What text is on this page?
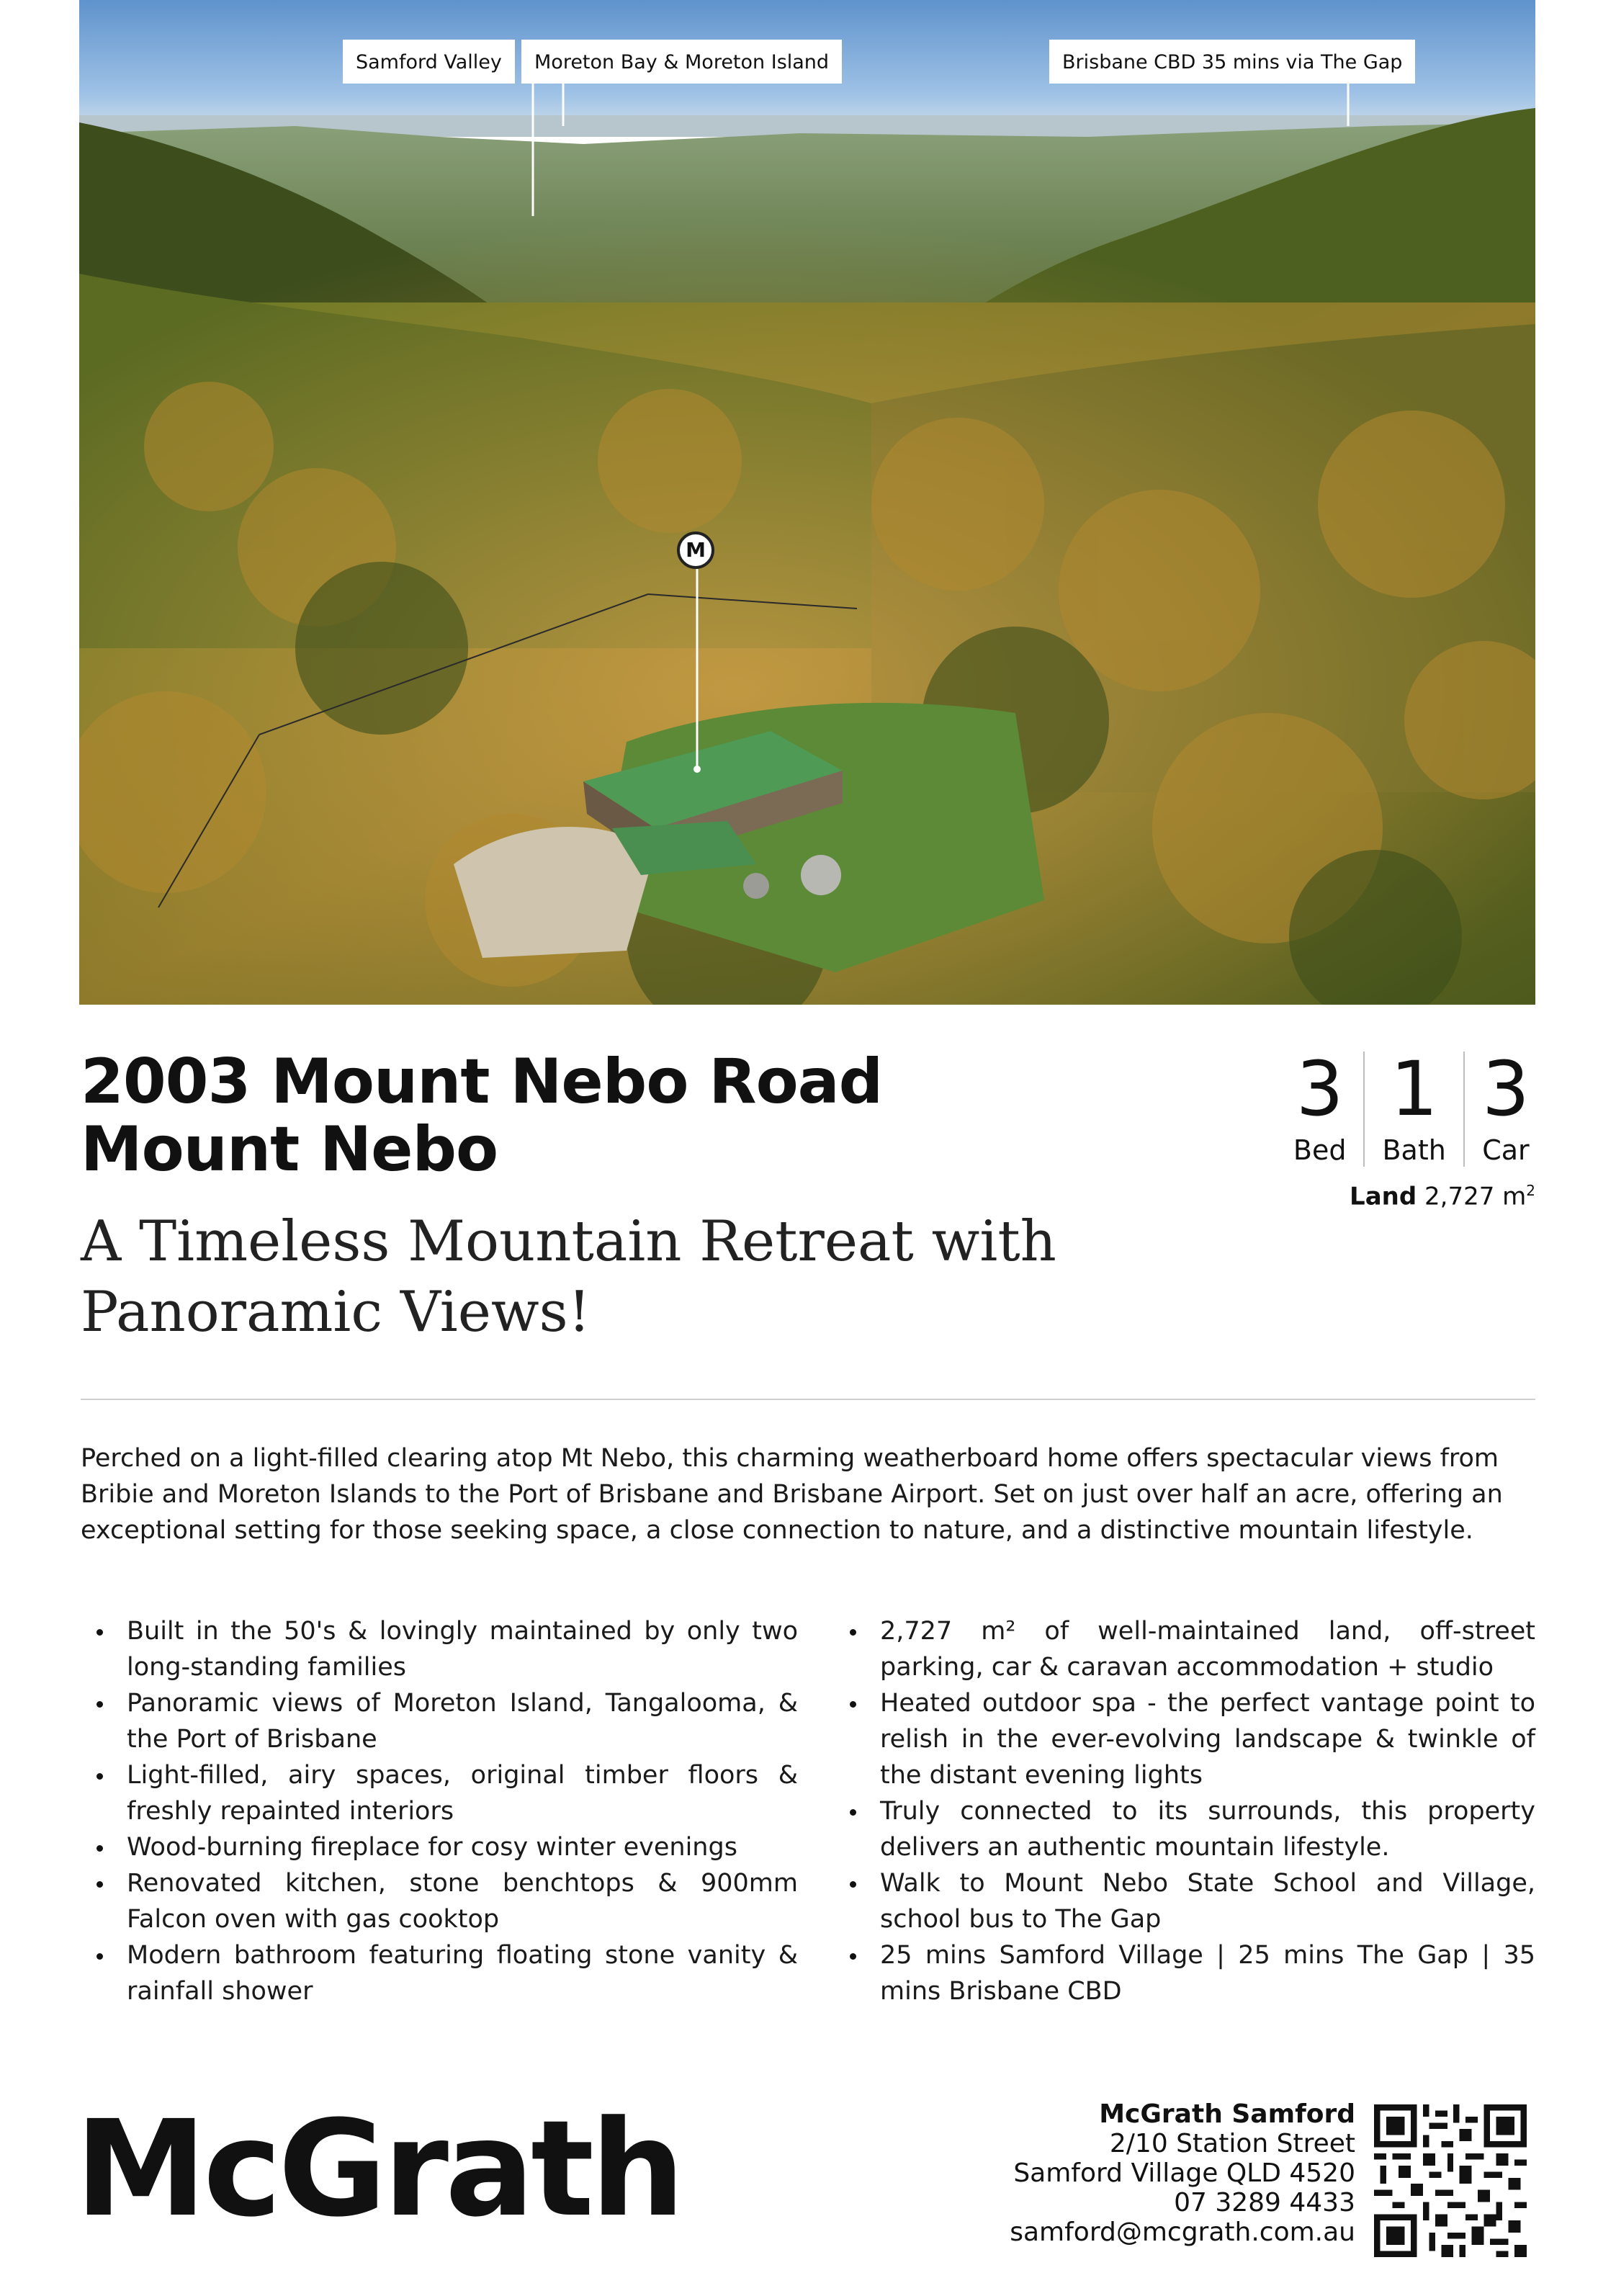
Samford Valley	Moreton Bay & Moreton Island	Brisbane CBD 35 mins via The Gap
M
2003 Mount Nebo Road
Mount Nebo
A Timeless Mountain Retreat with
Panoramic Views!
3
Bed
1
Bath
3
Car
Land 2,727 $m^2$
Perched on a light-filled clearing atop Mt Nebo, this charming weatherboard home offers spectacular views from Bribie and Moreton Islands to the Port of Brisbane and Brisbane Airport. Set on just over half an acre, offering an exceptional setting for those seeking space, a close connection to nature, and a distinctive mountain lifestyle.
Built in the 50's & lovingly maintained by only two long-standing families
Panoramic views of Moreton Island, Tangalooma, & the Port of Brisbane
Light-filled, airy spaces, original timber floors & freshly repainted interiors
Wood-burning fireplace for cosy winter evenings
Renovated kitchen, stone benchtops & 900mm Falcon oven with gas cooktop
Modern bathroom featuring floating stone vanity & rainfall shower
2,727 m² of well-maintained land, off-street parking, car & caravan accommodation + studio
Heated outdoor spa - the perfect vantage point to relish in the ever-evolving landscape & twinkle of the distant evening lights
Truly connected to its surrounds, this property delivers an authentic mountain lifestyle.
Walk to Mount Nebo State School and Village, school bus to The Gap
25 mins Samford Village | 25 mins The Gap | 35 mins Brisbane CBD
McGrath	McGrath Samford
2/10 Station Street
Samford Village QLD 4520
07 3289 4433
samford@mcgrath.com.au
